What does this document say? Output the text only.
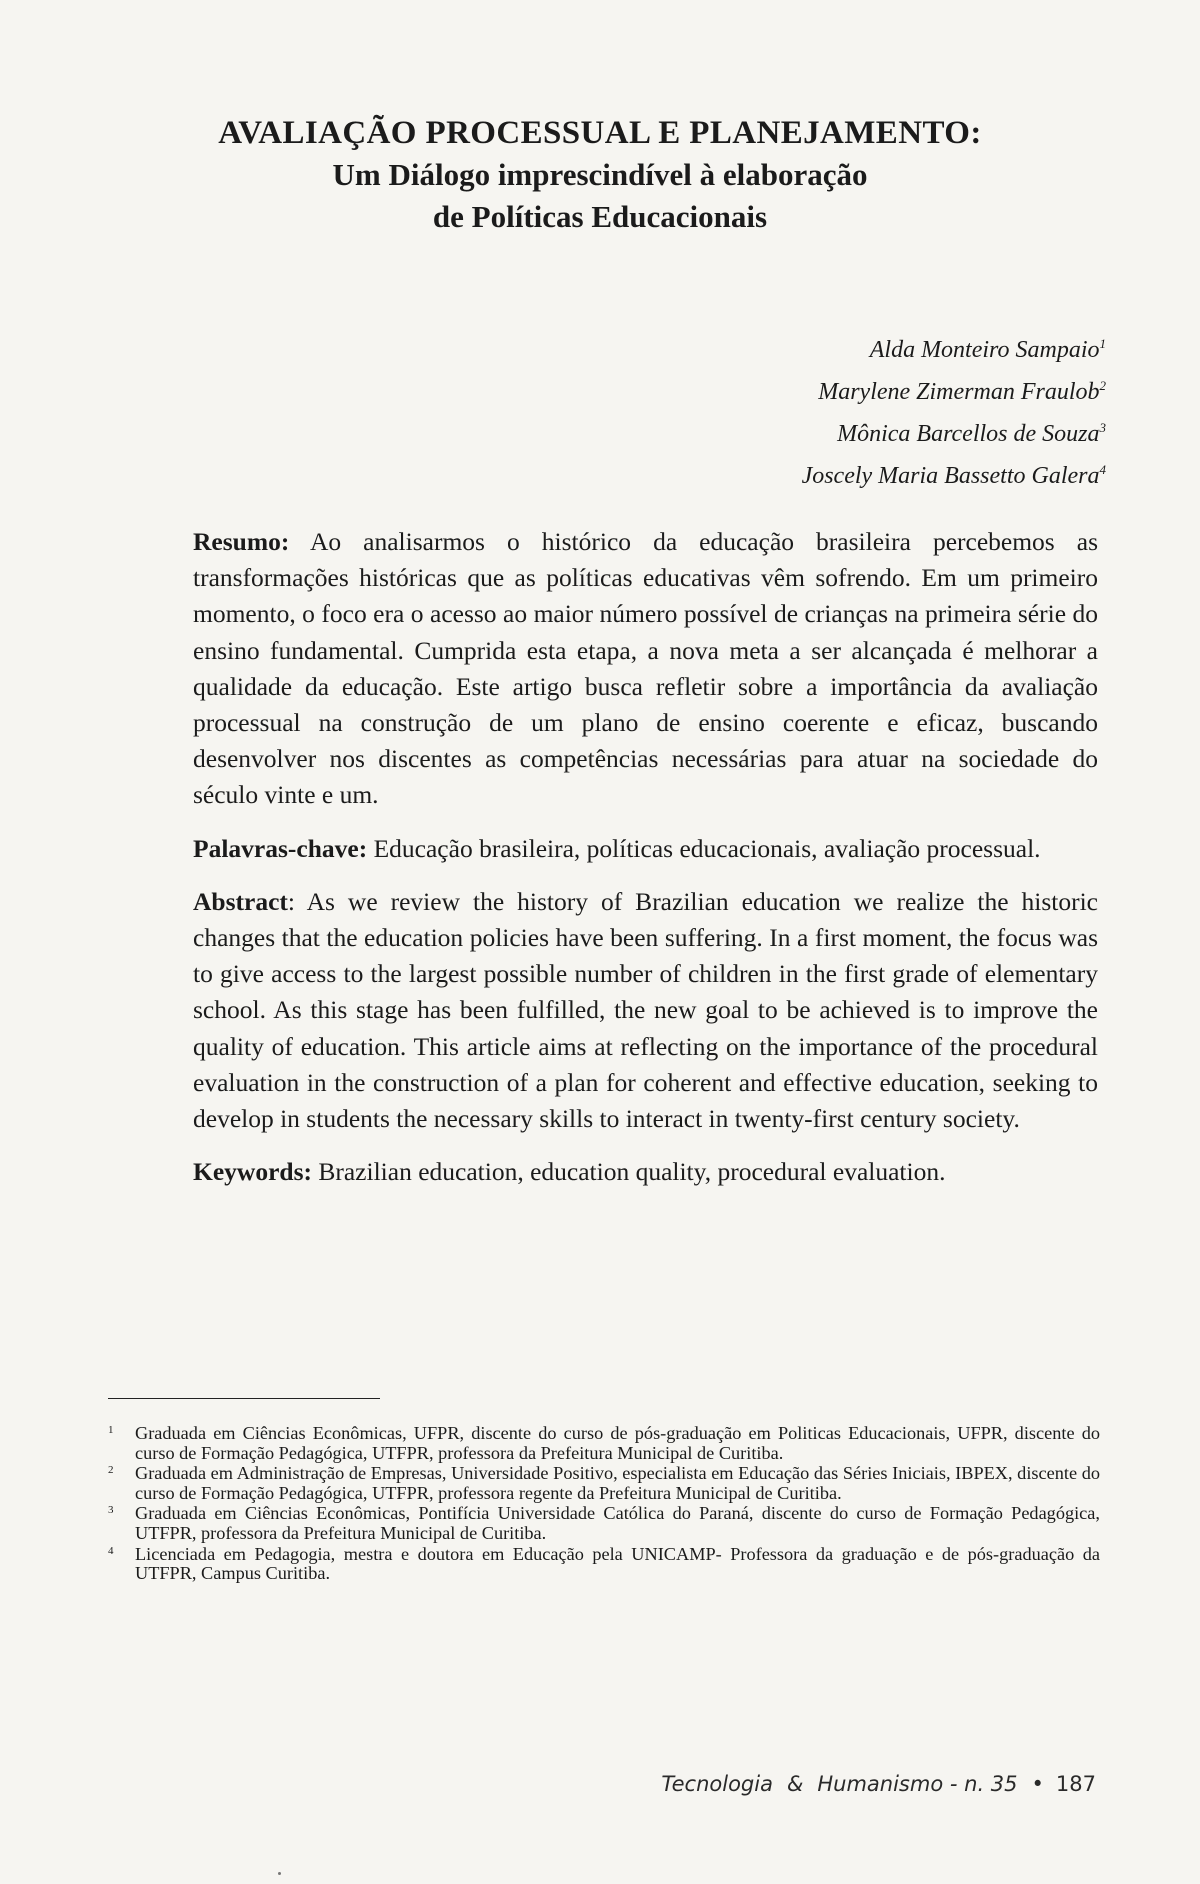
AVALIAÇÃO PROCESSUAL E PLANEJAMENTO:
Um Diálogo imprescindível à elaboração
de Políticas Educacionais
Alda Monteiro Sampaio$^1$
Marylene Zimerman Fraulob$^2$
Mônica Barcellos de Souza$^3$
Joscely Maria Bassetto Galera$^4$

Resumo: Ao analisarmos o histórico da educação brasileira percebemos as transformações históricas que as políticas educativas vêm sofrendo. Em um primeiro momento, o foco era o acesso ao maior número possível de crianças na primeira série do ensino fundamental. Cumprida esta etapa, a nova meta a ser alcançada é melhorar a qualidade da educação. Este artigo busca refletir sobre a importância da avaliação processual na construção de um plano de ensino coerente e eficaz, buscando desenvolver nos discentes as competências necessárias para atuar na sociedade do século vinte e um.

Palavras-chave: Educação brasileira, políticas educacionais, avaliação processual.

Abstract: As we review the history of Brazilian education we realize the historic changes that the education policies have been suffering. In a first moment, the focus was to give access to the largest possible number of children in the first grade of elementary school. As this stage has been fulfilled, the new goal to be achieved is to improve the quality of education. This article aims at reflecting on the importance of the procedural evaluation in the construction of a plan for coherent and effective education, seeking to develop in students the necessary skills to interact in twenty-first century society.

Keywords: Brazilian education, education quality, procedural evaluation.

1 Graduada em Ciências Econômicas, UFPR, discente do curso de pós-graduação em Politicas Educacionais, UFPR, discente do curso de Formação Pedagógica, UTFPR, professora da Prefeitura Municipal de Curitiba.
2 Graduada em Administração de Empresas, Universidade Positivo, especialista em Educação das Séries Iniciais, IBPEX, discente do curso de Formação Pedagógica, UTFPR, professora regente da Prefeitura Municipal de Curitiba.
3 Graduada em Ciências Econômicas, Pontifícia Universidade Católica do Paraná, discente do curso de Formação Pedagógica, UTFPR, professora da Prefeitura Municipal de Curitiba.
4 Licenciada em Pedagogia, mestra e doutora em Educação pela UNICAMP- Professora da graduação e de pós-graduação da UTFPR, Campus Curitiba.
Tecnologia & Humanismo - n. 35 • 187
